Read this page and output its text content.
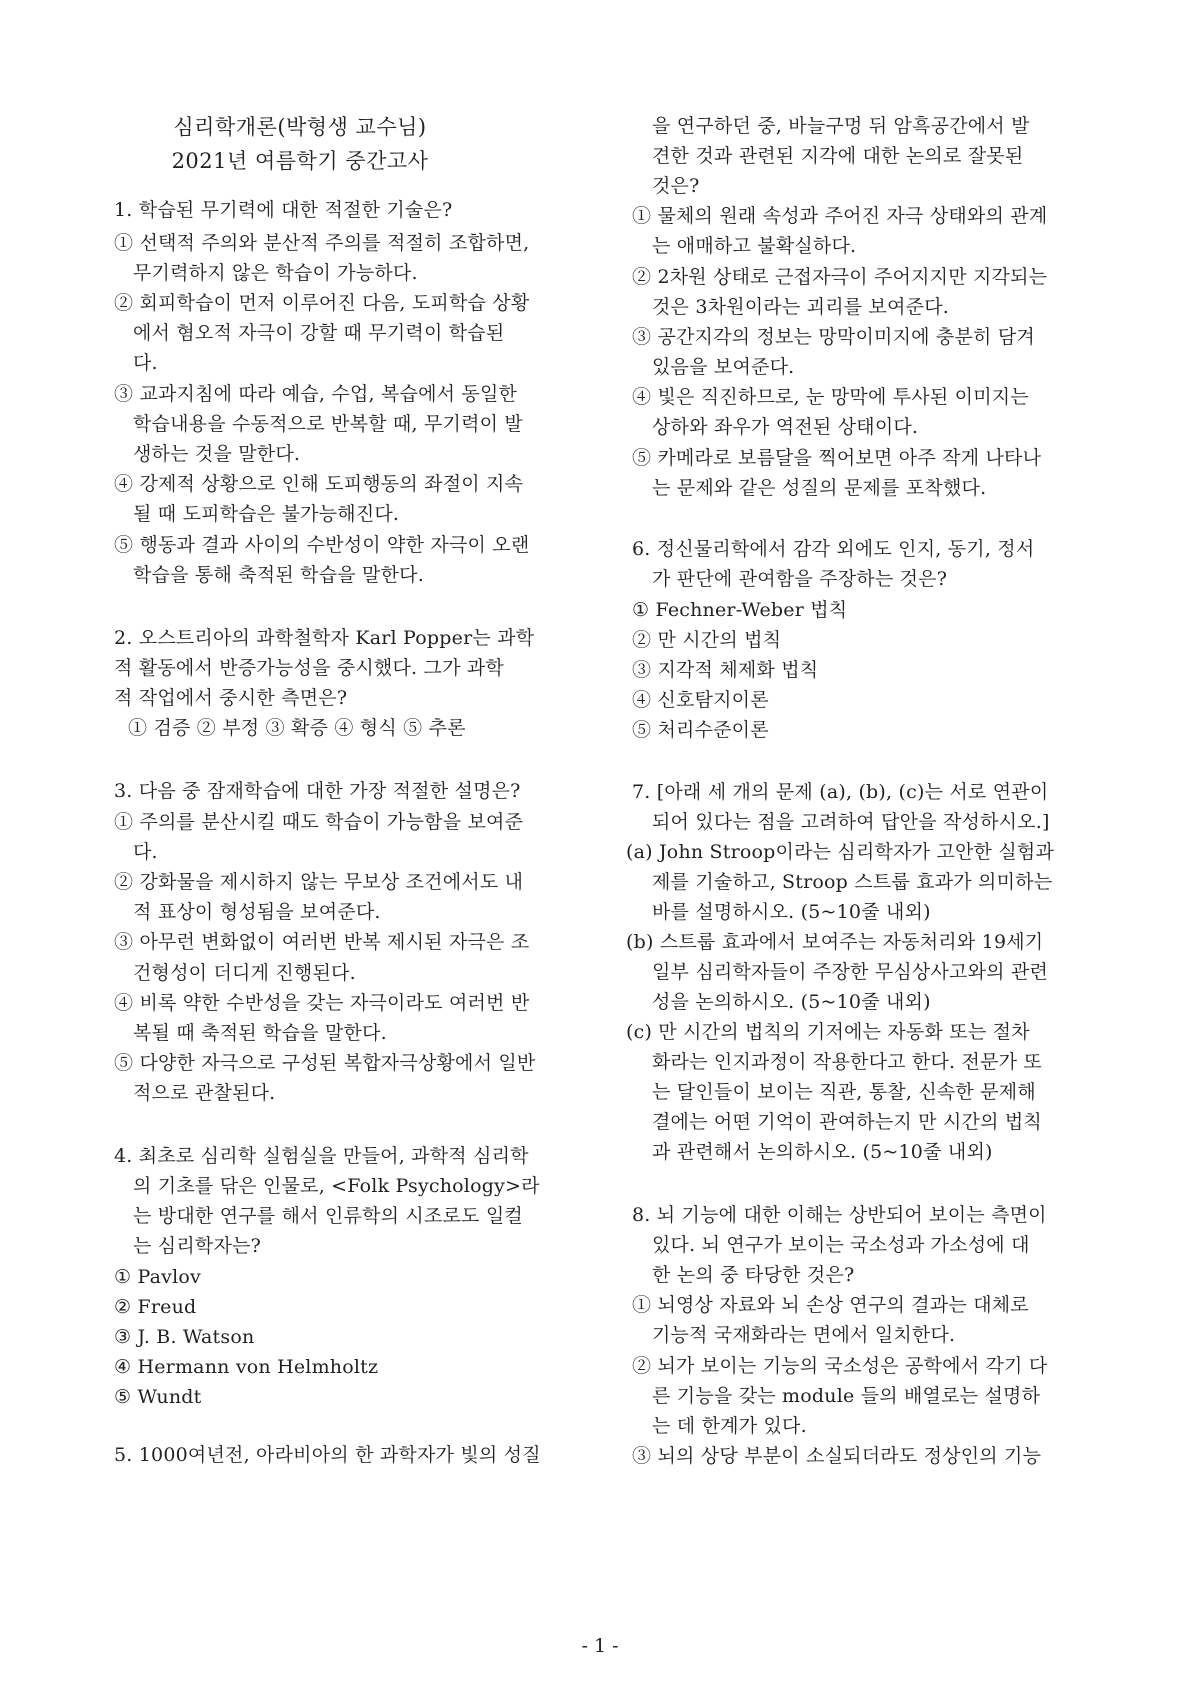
심리학개론(박형생 교수님)
2021년 여름학기 중간고사
1. 학습된 무기력에 대한 적절한 기술은?
① 선택적 주의와 분산적 주의를 적절히 조합하면,
무기력하지 않은 학습이 가능하다.
② 회피학습이 먼저 이루어진 다음, 도피학습 상황
에서 혐오적 자극이 강할 때 무기력이 학습된
다.
③ 교과지침에 따라 예습, 수업, 복습에서 동일한
학습내용을 수동적으로 반복할 때, 무기력이 발
생하는 것을 말한다.
④ 강제적 상황으로 인해 도피행동의 좌절이 지속
될 때 도피학습은 불가능해진다.
⑤ 행동과 결과 사이의 수반성이 약한 자극이 오랜
학습을 통해 축적된 학습을 말한다.
2. 오스트리아의 과학철학자 Karl Popper는 과학
적 활동에서 반증가능성을 중시했다. 그가 과학
적 작업에서 중시한 측면은?
① 검증 ② 부정 ③ 확증 ④ 형식 ⑤ 추론
3. 다음 중 잠재학습에 대한 가장 적절한 설명은?
① 주의를 분산시킬 때도 학습이 가능함을 보여준
다.
② 강화물을 제시하지 않는 무보상 조건에서도 내
적 표상이 형성됨을 보여준다.
③ 아무런 변화없이 여러번 반복 제시된 자극은 조
건형성이 더디게 진행된다.
④ 비록 약한 수반성을 갖는 자극이라도 여러번 반
복될 때 축적된 학습을 말한다.
⑤ 다양한 자극으로 구성된 복합자극상황에서 일반
적으로 관찰된다.
4. 최초로 심리학 실험실을 만들어, 과학적 심리학
의 기초를 닦은 인물로, <Folk Psychology>라
는 방대한 연구를 해서 인류학의 시조로도 일컬
는 심리학자는?
① Pavlov
② Freud
③ J. B. Watson
④ Hermann von Helmholtz
⑤ Wundt
5. 1000여년전, 아라비아의 한 과학자가 빛의 성질
을 연구하던 중, 바늘구멍 뒤 암흑공간에서 발
견한 것과 관련된 지각에 대한 논의로 잘못된
것은?
① 물체의 원래 속성과 주어진 자극 상태와의 관계
는 애매하고 불확실하다.
② 2차원 상태로 근접자극이 주어지지만 지각되는
것은 3차원이라는 괴리를 보여준다.
③ 공간지각의 정보는 망막이미지에 충분히 담겨
있음을 보여준다.
④ 빛은 직진하므로, 눈 망막에 투사된 이미지는
상하와 좌우가 역전된 상태이다.
⑤ 카메라로 보름달을 찍어보면 아주 작게 나타나
는 문제와 같은 성질의 문제를 포착했다.
6. 정신물리학에서 감각 외에도 인지, 동기, 정서
가 판단에 관여함을 주장하는 것은?
① Fechner-Weber 법칙
② 만 시간의 법칙
③ 지각적 체제화 법칙
④ 신호탐지이론
⑤ 처리수준이론
7. [아래 세 개의 문제 (a), (b), (c)는 서로 연관이
되어 있다는 점을 고려하여 답안을 작성하시오.]
(a) John Stroop이라는 심리학자가 고안한 실험과
제를 기술하고, Stroop 스트룹 효과가 의미하는
바를 설명하시오. (5~10줄 내외)
(b) 스트룹 효과에서 보여주는 자동처리와 19세기
일부 심리학자들이 주장한 무심상사고와의 관련
성을 논의하시오. (5~10줄 내외)
(c) 만 시간의 법칙의 기저에는 자동화 또는 절차
화라는 인지과정이 작용한다고 한다. 전문가 또
는 달인들이 보이는 직관, 통찰, 신속한 문제해
결에는 어떤 기억이 관여하는지 만 시간의 법칙
과 관련해서 논의하시오. (5~10줄 내외)
8. 뇌 기능에 대한 이해는 상반되어 보이는 측면이
있다. 뇌 연구가 보이는 국소성과 가소성에 대
한 논의 중 타당한 것은?
① 뇌영상 자료와 뇌 손상 연구의 결과는 대체로
기능적 국재화라는 면에서 일치한다.
② 뇌가 보이는 기능의 국소성은 공학에서 각기 다
른 기능을 갖는 module 들의 배열로는 설명하
는 데 한계가 있다.
③ 뇌의 상당 부분이 소실되더라도 정상인의 기능
- 1 -
